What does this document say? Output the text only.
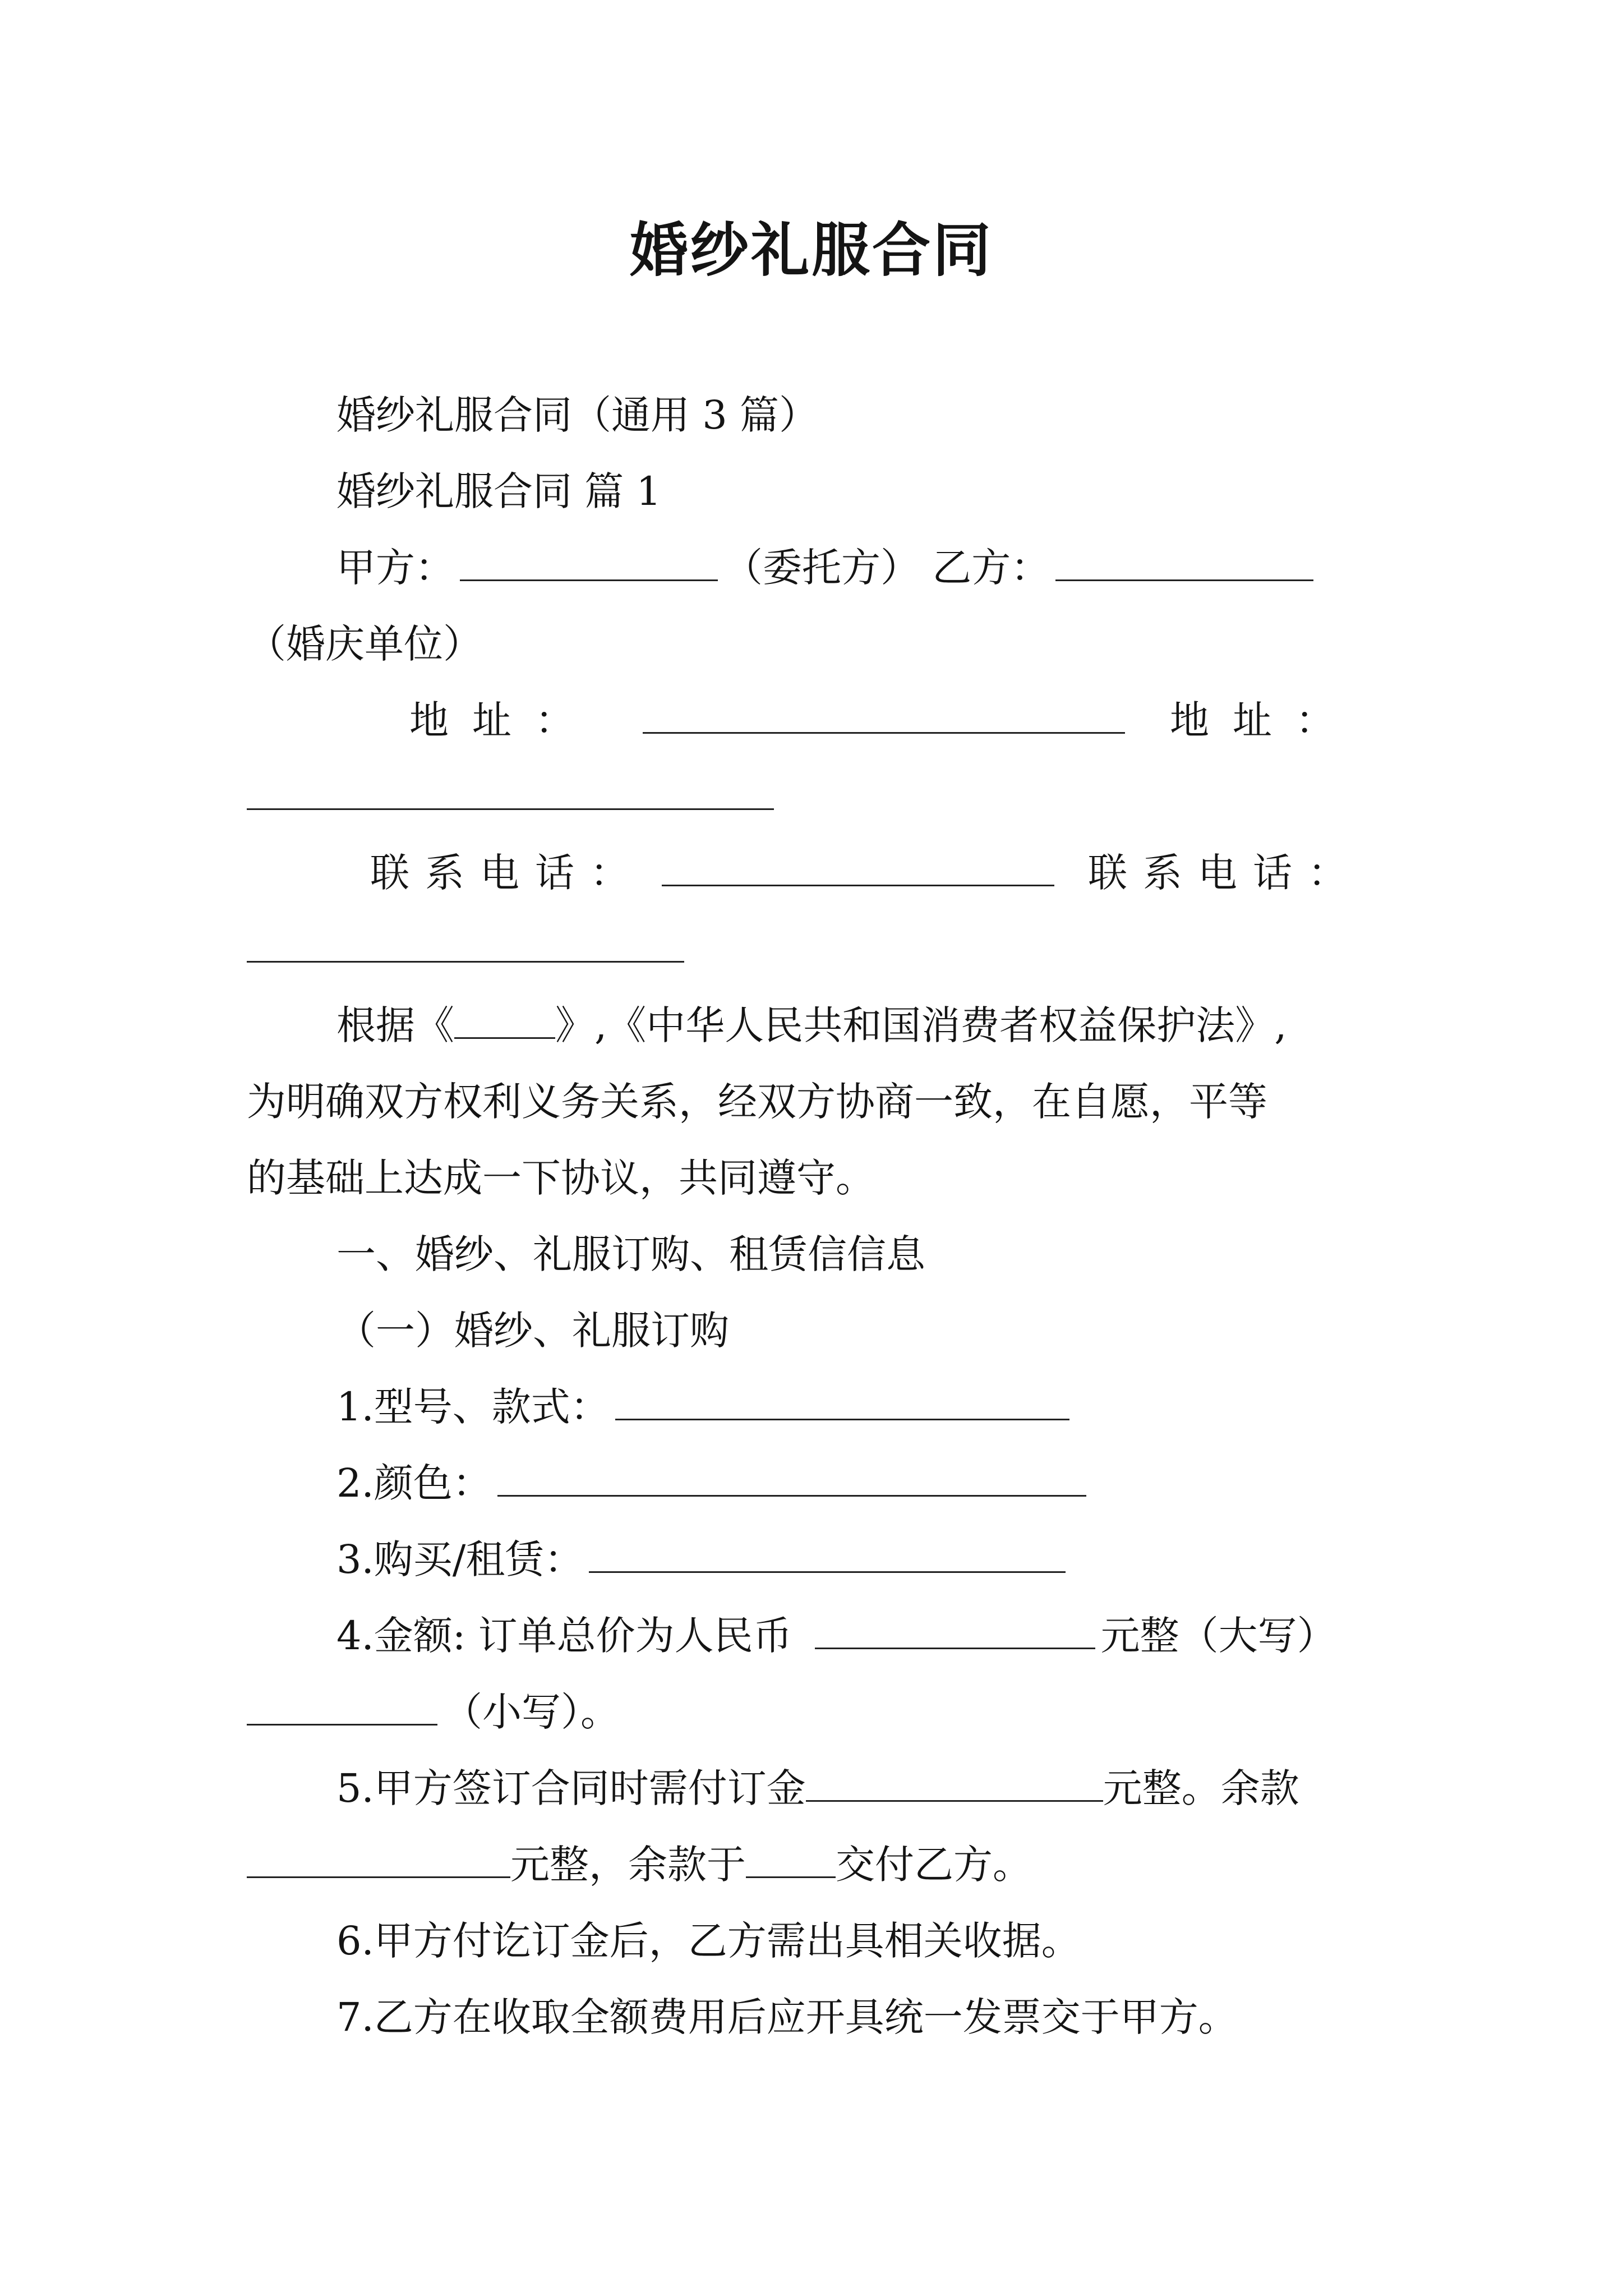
婚纱礼服合同
婚纱礼服合同（通用 3 篇）
婚纱礼服合同 篇 1
甲方：	（委托方） 乙方：
（婚庆单位）
地址：	地址：
联系电话：	联系电话：
根据《	》,《中华人民共和国消费者权益保护法》,
为明确双方权利义务关系，经双方协商一致，在自愿，平等
的基础上达成一下协议，共同遵守。
一、婚纱、礼服订购、租赁信信息
（一）婚纱、礼服订购
1.型号、款式：
2.颜色：
3.购买/租赁：
4.金额: 订单总价为人民币	元整（大写）
（小写）。
5.甲方签订合同时需付订金	元整。余款
元整，余款于 交付乙方。
6.甲方付讫订金后，乙方需出具相关收据。
7.乙方在收取全额费用后应开具统一发票交于甲方。
